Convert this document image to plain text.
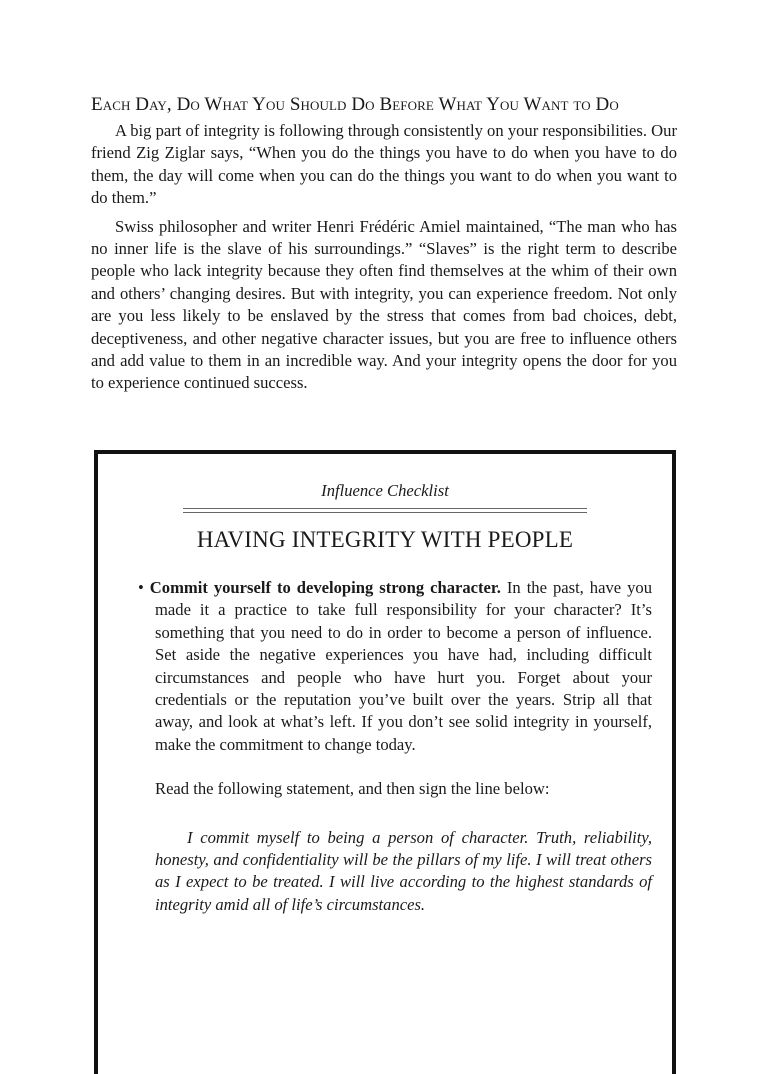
Each Day, Do What You Should Do Before What You Want to Do

A big part of integrity is following through consistently on your responsibilities. Our friend Zig Ziglar says, “When you do the things you have to do when you have to do them, the day will come when you can do the things you want to do when you want to do them.”

Swiss philosopher and writer Henri Frédéric Amiel maintained, “The man who has no inner life is the slave of his surroundings.” “Slaves” is the right term to describe people who lack integrity because they often find themselves at the whim of their own and others’ changing desires. But with integrity, you can experience freedom. Not only are you less likely to be enslaved by the stress that comes from bad choices, debt, deceptiveness, and other negative character issues, but you are free to influence others and add value to them in an incredible way. And your integrity opens the door for you to experience continued success.

Influence Checklist
HAVING INTEGRITY WITH PEOPLE
• Commit yourself to developing strong character. In the past, have you made it a practice to take full responsibility for your character? It’s something that you need to do in order to become a person of influence. Set aside the negative experiences you have had, including difficult circumstances and people who have hurt you. Forget about your credentials or the reputation you’ve built over the years. Strip all that away, and look at what’s left. If you don’t see solid integrity in yourself, make the commitment to change today.
Read the following statement, and then sign the line below:
I commit myself to being a person of character. Truth, reliability, honesty, and confidentiality will be the pillars of my life. I will treat others as I expect to be treated. I will live according to the highest standards of integrity amid all of life’s circumstances.
